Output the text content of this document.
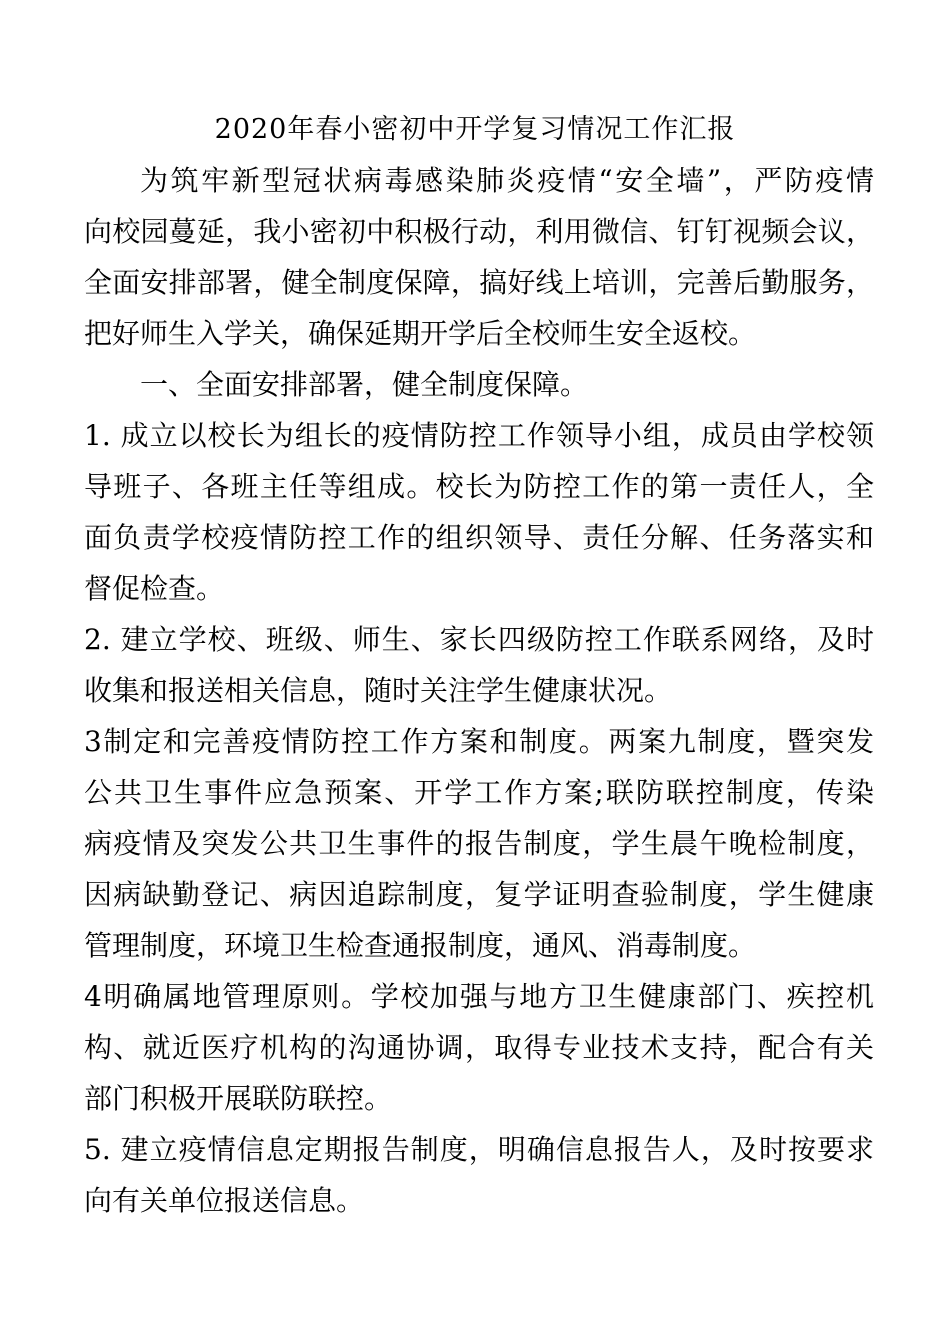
2020年春小密初中开学复习情况工作汇报
为筑牢新型冠状病毒感染肺炎疫情“安全墙”，严防疫情
向校园蔓延，我小密初中积极行动，利用微信、钉钉视频会议，
全面安排部署，健全制度保障，搞好线上培训，完善后勤服务，
把好师生入学关，确保延期开学后全校师生安全返校。
一、全面安排部署，健全制度保障。
1. 成立以校长为组长的疫情防控工作领导小组，成员由学校领
导班子、各班主任等组成。校长为防控工作的第一责任人，全
面负责学校疫情防控工作的组织领导、责任分解、任务落实和
督促检查。
2. 建立学校、班级、师生、家长四级防控工作联系网络，及时
收集和报送相关信息，随时关注学生健康状况。
3制定和完善疫情防控工作方案和制度。两案九制度，暨突发
公共卫生事件应急预案、开学工作方案;联防联控制度，传染
病疫情及突发公共卫生事件的报告制度，学生晨午晚检制度，
因病缺勤登记、病因追踪制度，复学证明查验制度，学生健康
管理制度，环境卫生检查通报制度，通风、消毒制度。
4明确属地管理原则。学校加强与地方卫生健康部门、疾控机
构、就近医疗机构的沟通协调，取得专业技术支持，配合有关
部门积极开展联防联控。
5. 建立疫情信息定期报告制度，明确信息报告人，及时按要求
向有关单位报送信息。
